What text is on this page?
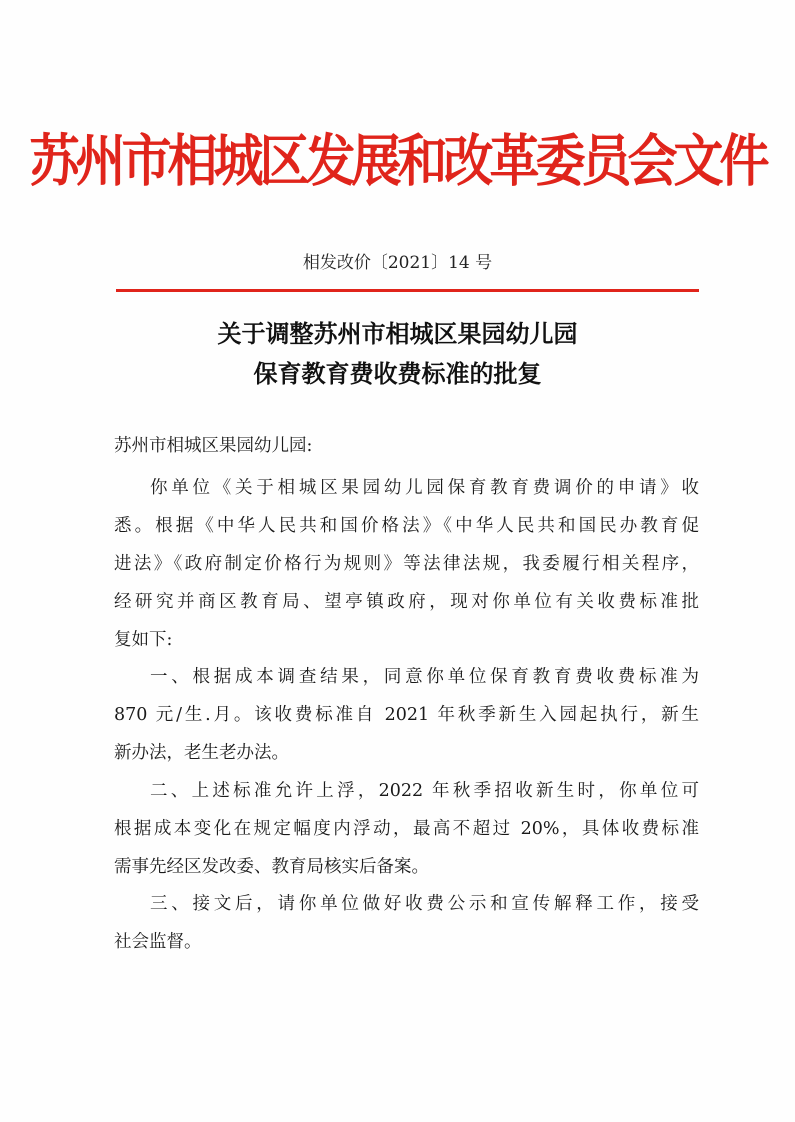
苏州市相城区发展和改革委员会文件
相发改价〔2021〕14 号
关于调整苏州市相城区果园幼儿园
保育教育费收费标准的批复
苏州市相城区果园幼儿园:
你单位《关于相城区果园幼儿园保育教育费调价的申请》收
悉。根据《中华人民共和国价格法》《中华人民共和国民办教育促
进法》《政府制定价格行为规则》等法律法规，我委履行相关程序，
经研究并商区教育局、望亭镇政府，现对你单位有关收费标准批
复如下:
一、根据成本调查结果，同意你单位保育教育费收费标准为
870 元/生.月。该收费标准自 2021 年秋季新生入园起执行，新生
新办法，老生老办法。
二、上述标准允许上浮，2022 年秋季招收新生时，你单位可
根据成本变化在规定幅度内浮动，最高不超过 20%，具体收费标准
需事先经区发改委、教育局核实后备案。
三、接文后，请你单位做好收费公示和宣传解释工作，接受
社会监督。
